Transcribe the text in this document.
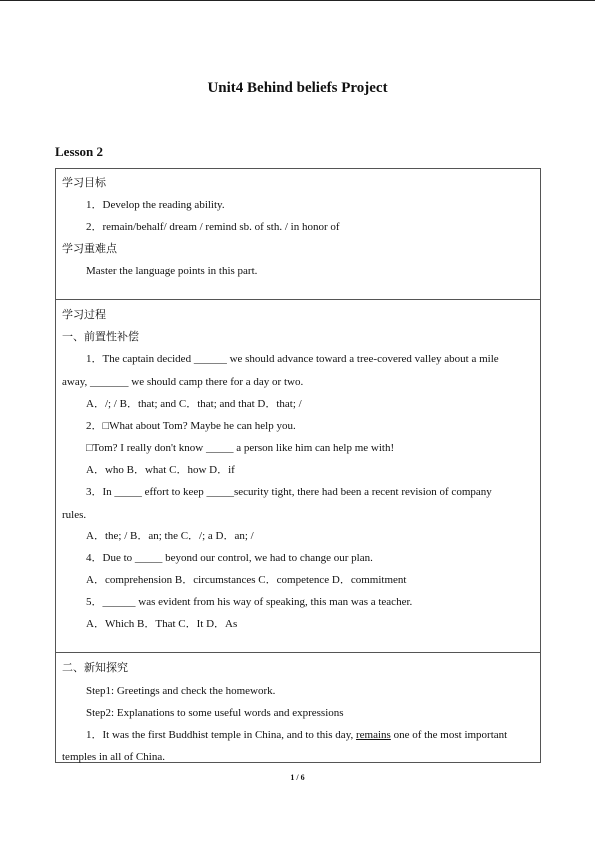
Unit4 Behind beliefs Project
Lesson 2
学习目标
1．Develop the reading ability.
2．remain/behalf/ dream / remind sb. of sth. / in honor of
学习重难点
Master the language points in this part.
学习过程
一、前置性补偿
1．The captain decided ______ we should advance toward a tree-covered valley about a mile
away, _______ we should camp there for a day or two.
A．/; / B．that; and C．that; and that D．that; /
2．□What about Tom? Maybe he can help you.
□Tom? I really don't know _____ a person like him can help me with!
A．who B．what C．how D．if
3．In _____ effort to keep _____security tight, there had been a recent revision of company
rules.
A．the; / B．an; the C．/; a D．an; /
4．Due to _____ beyond our control, we had to change our plan.
A．comprehension B．circumstances C．competence D．commitment
5．______ was evident from his way of speaking, this man was a teacher.
A．Which B．That C．It D．As
二、新知探究
Step1: Greetings and check the homework.
Step2: Explanations to some useful words and expressions
1．It was the first Buddhist temple in China, and to this day, remains one of the most important
temples in all of China.
1 / 6
